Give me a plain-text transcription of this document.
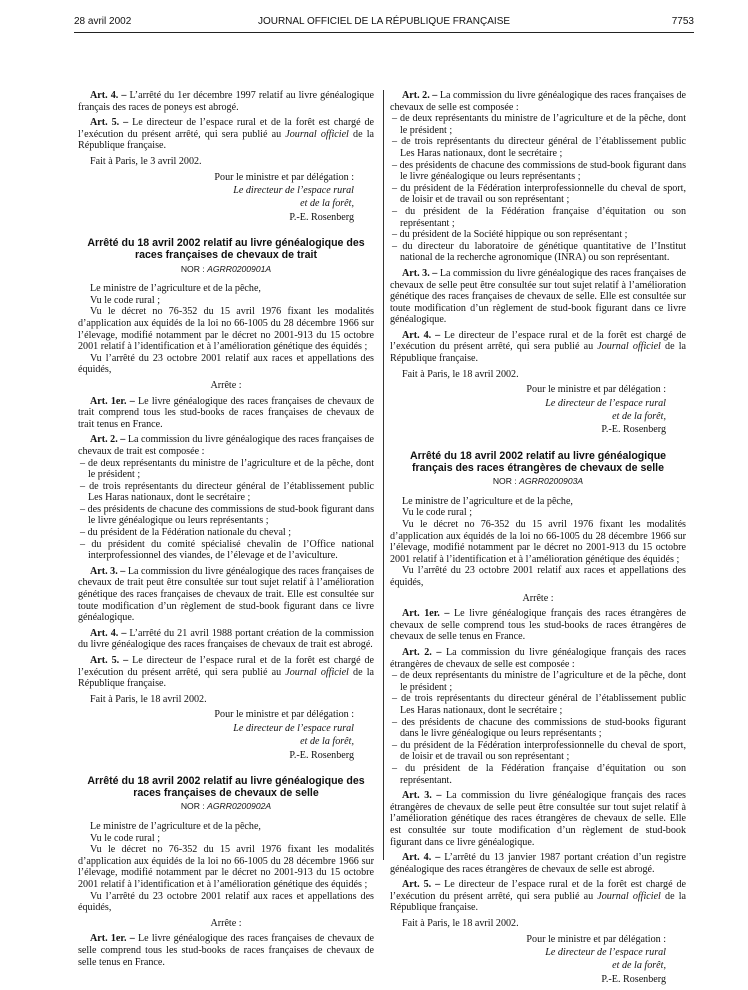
28 avril 2002	JOURNAL OFFICIEL DE LA RÉPUBLIQUE FRANÇAISE	7753

Art. 4. – L’arrêté du 1er décembre 1997 relatif au livre généalogique français des races de poneys est abrogé.

Art. 5. – Le directeur de l’espace rural et de la forêt est chargé de l’exécution du présent arrêté, qui sera publié au Journal officiel de la République française.

Fait à Paris, le 3 avril 2002.

Pour le ministre et par délégation :
Le directeur de l’espace rural
et de la forêt,
P.-E. Rosenberg
Arrêté du 18 avril 2002 relatif au livre généalogique des races françaises de chevaux de trait
NOR : AGRR0200901A

Le ministre de l’agriculture et de la pêche,

Vu le code rural ;

Vu le décret no 76-352 du 15 avril 1976 fixant les modalités d’application aux équidés de la loi no 66-1005 du 28 décembre 1966 sur l’élevage, modifié notamment par le décret no 2001-913 du 15 octobre 2001 relatif à l’identification et à l’amélioration génétique des équidés ;

Vu l’arrêté du 23 octobre 2001 relatif aux races et appellations des équidés,

Arrête :

Art. 1er. – Le livre généalogique des races françaises de chevaux de trait comprend tous les stud-books de races françaises de chevaux de trait tenus en France.

Art. 2. – La commission du livre généalogique des races françaises de chevaux de trait est composée :

– de deux représentants du ministre de l’agriculture et de la pêche, dont le président ;

– de trois représentants du directeur général de l’établissement public Les Haras nationaux, dont le secrétaire ;

– des présidents de chacune des commissions de stud-book figurant dans le livre généalogique ou leurs représentants ;

– du président de la Fédération nationale du cheval ;

– du président du comité spécialisé chevalin de l’Office national interprofessionnel des viandes, de l’élevage et de l’aviculture.

Art. 3. – La commission du livre généalogique des races françaises de chevaux de trait peut être consultée sur tout sujet relatif à l’amélioration génétique des races françaises de chevaux de trait. Elle est consultée sur toute modification d’un règlement de stud-book figurant dans ce livre généalogique.

Art. 4. – L’arrêté du 21 avril 1988 portant création de la commission du livre généalogique des races françaises de chevaux de trait est abrogé.

Art. 5. – Le directeur de l’espace rural et de la forêt est chargé de l’exécution du présent arrêté, qui sera publié au Journal officiel de la République française.

Fait à Paris, le 18 avril 2002.

Pour le ministre et par délégation :
Le directeur de l’espace rural
et de la forêt,
P.-E. Rosenberg
Arrêté du 18 avril 2002 relatif au livre généalogique des races françaises de chevaux de selle
NOR : AGRR0200902A

Le ministre de l’agriculture et de la pêche,

Vu le code rural ;

Vu le décret no 76-352 du 15 avril 1976 fixant les modalités d’application aux équidés de la loi no 66-1005 du 28 décembre 1966 sur l’élevage, modifié notamment par le décret no 2001-913 du 15 octobre 2001 relatif à l’identification et à l’amélioration génétique des équidés ;

Vu l’arrêté du 23 octobre 2001 relatif aux races et appellations des équidés,

Arrête :

Art. 1er. – Le livre généalogique des races françaises de chevaux de selle comprend tous les stud-books de races françaises de chevaux de selle tenus en France.

Art. 2. – La commission du livre généalogique des races françaises de chevaux de selle est composée :

– de deux représentants du ministre de l’agriculture et de la pêche, dont le président ;

– de trois représentants du directeur général de l’établissement public Les Haras nationaux, dont le secrétaire ;

– des présidents de chacune des commissions de stud-book figurant dans le livre généalogique ou leurs représentants ;

– du président de la Fédération interprofessionnelle du cheval de sport, de loisir et de travail ou son représentant ;

– du président de la Fédération française d’équitation ou son représentant ;

– du président de la Société hippique ou son représentant ;

– du directeur du laboratoire de génétique quantitative de l’Institut national de la recherche agronomique (INRA) ou son représentant.

Art. 3. – La commission du livre généalogique des races françaises de chevaux de selle peut être consultée sur tout sujet relatif à l’amélioration génétique des races françaises de chevaux de selle. Elle est consultée sur toute modification d’un règlement de stud-book figurant dans ce livre généalogique.

Art. 4. – Le directeur de l’espace rural et de la forêt est chargé de l’exécution du présent arrêté, qui sera publié au Journal officiel de la République française.

Fait à Paris, le 18 avril 2002.

Pour le ministre et par délégation :
Le directeur de l’espace rural
et de la forêt,
P.-E. Rosenberg
Arrêté du 18 avril 2002 relatif au livre généalogique français des races étrangères de chevaux de selle
NOR : AGRR0200903A

Le ministre de l’agriculture et de la pêche,

Vu le code rural ;

Vu le décret no 76-352 du 15 avril 1976 fixant les modalités d’application aux équidés de la loi no 66-1005 du 28 décembre 1966 sur l’élevage, modifié notamment par le décret no 2001-913 du 15 octobre 2001 relatif à l’identification et à l’amélioration génétique des équidés ;

Vu l’arrêté du 23 octobre 2001 relatif aux races et appellations des équidés,

Arrête :

Art. 1er. – Le livre généalogique français des races étrangères de chevaux de selle comprend tous les stud-books de races étrangères de chevaux de selle tenus en France.

Art. 2. – La commission du livre généalogique français des races étrangères de chevaux de selle est composée :

– de deux représentants du ministre de l’agriculture et de la pêche, dont le président ;

– de trois représentants du directeur général de l’établissement public Les Haras nationaux, dont le secrétaire ;

– des présidents de chacune des commissions de stud-books figurant dans le livre généalogique ou leurs représentants ;

– du président de la Fédération interprofessionnelle du cheval de sport, de loisir et de travail ou son représentant ;

– du président de la Fédération française d’équitation ou son représentant.

Art. 3. – La commission du livre généalogique français des races étrangères de chevaux de selle peut être consultée sur tout sujet relatif à l’amélioration génétique des races étrangères de chevaux de selle. Elle est consultée sur toute modification d’un règlement de stud-book figurant dans ce livre généalogique.

Art. 4. – L’arrêté du 13 janvier 1987 portant création d’un registre généalogique des races étrangères de chevaux de selle est abrogé.

Art. 5. – Le directeur de l’espace rural et de la forêt est chargé de l’exécution du présent arrêté, qui sera publié au Journal officiel de la République française.

Fait à Paris, le 18 avril 2002.

Pour le ministre et par délégation :
Le directeur de l’espace rural
et de la forêt,
P.-E. Rosenberg
